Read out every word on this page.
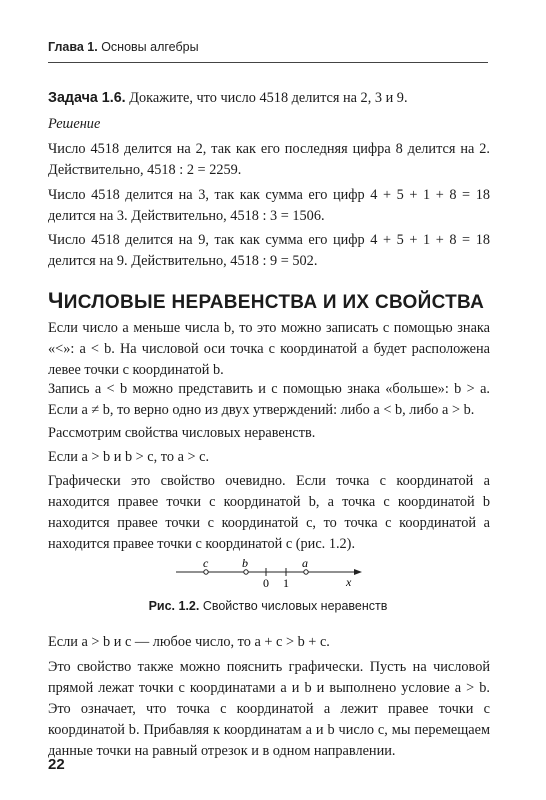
Глава 1. Основы алгебры
Задача 1.6. Докажите, что число 4518 делится на 2, 3 и 9.
Решение
Число 4518 делится на 2, так как его последняя цифра 8 делится на 2. Действительно, 4518 : 2 = 2259.
Число 4518 делится на 3, так как сумма его цифр 4 + 5 + 1 + 8 = 18 делится на 3. Действительно, 4518 : 3 = 1506.
Число 4518 делится на 9, так как сумма его цифр 4 + 5 + 1 + 8 = 18 делится на 9. Действительно, 4518 : 9 = 502.
ЧИСЛОВЫЕ НЕРАВЕНСТВА И ИХ СВОЙСТВА
Если число a меньше числа b, то это можно записать с помощью знака «<»: a < b. На числовой оси точка с координатой a будет расположена левее точки с координатой b.
Запись a < b можно представить и с помощью знака «больше»: b > a. Если a ≠ b, то верно одно из двух утверждений: либо a < b, либо a > b.
Рассмотрим свойства числовых неравенств.
Если a > b и b > c, то a > c.
Графически это свойство очевидно. Если точка с координатой a находится правее точки с координатой b, а точка с координатой b находится правее точки с координатой c, то точка с координатой a находится правее точки с координатой c (рис. 1.2).
c	b	a
0 1	x
Рис. 1.2. Свойство числовых неравенств
Если a > b и c — любое число, то a + c > b + c.
Это свойство также можно пояснить графически. Пусть на числовой прямой лежат точки с координатами a и b и выполнено условие a > b. Это означает, что точка с координатой a лежит правее точки с координатой b. Прибавляя к координатам a и b число c, мы перемещаем данные точки на равный отрезок и в одном направлении.
22
